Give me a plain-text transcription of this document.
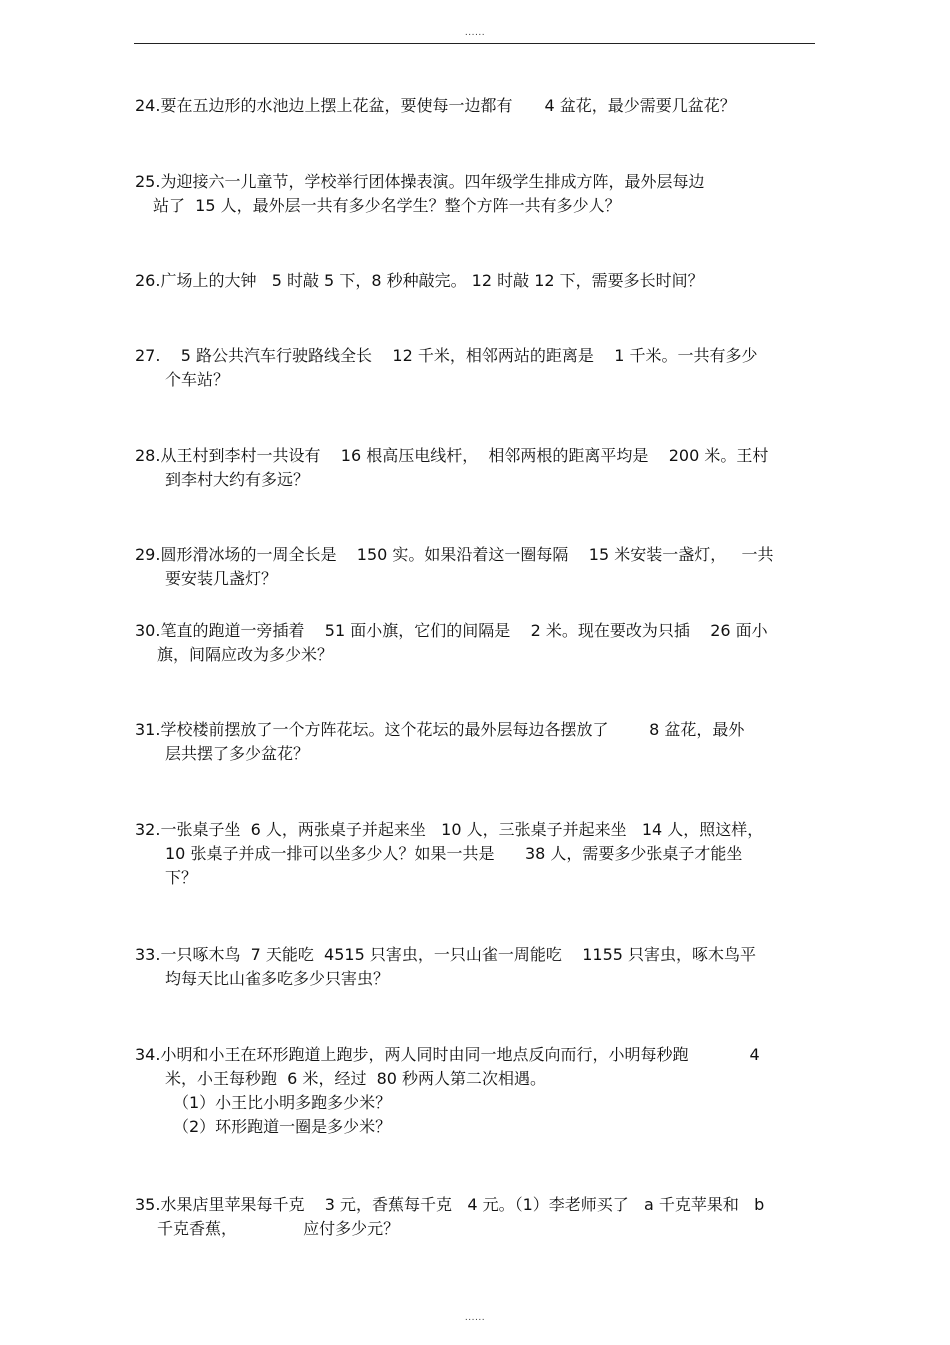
......
24.要在五边形的水池边上摆上花盆，要使每一边都有　　4 盆花，最少需要几盆花？
25.为迎接六一儿童节，学校举行团体操表演。四年级学生排成方阵，最外层每边
站了  15 人，最外层一共有多少名学生？整个方阵一共有多少人？
26.广场上的大钟   5 时敲 5 下，8 秒种敲完。 12 时敲 12 下，需要多长时间？
27.    5 路公共汽车行驶路线全长    12 千米，相邻两站的距离是    1 千米。一共有多少
个车站？
28.从王村到李村一共设有    16 根高压电线杆，  相邻两根的距离平均是    200 米。王村
到李村大约有多远？
29.圆形滑冰场的一周全长是    150 实。如果沿着这一圈每隔    15 米安装一盏灯，   一共
要安装几盏灯？
30.笔直的跑道一旁插着    51 面小旗，它们的间隔是    2 米。现在要改为只插    26 面小
旗，间隔应改为多少米？
31.学校楼前摆放了一个方阵花坛。这个花坛的最外层每边各摆放了        8 盆花，最外
层共摆了多少盆花？
32.一张桌子坐  6 人，两张桌子并起来坐   10 人，三张桌子并起来坐   14 人，照这样，
10 张桌子并成一排可以坐多少人？如果一共是      38 人，需要多少张桌子才能坐
下？
33.一只啄木鸟  7 天能吃  4515 只害虫，一只山雀一周能吃    1155 只害虫，啄木鸟平
均每天比山雀多吃多少只害虫？
34.小明和小王在环形跑道上跑步，两人同时由同一地点反向而行，小明每秒跑            4
米，小王每秒跑  6 米，经过  80 秒两人第二次相遇。
（1）小王比小明多跑多少米？
（2）环形跑道一圈是多少米？
35.水果店里苹果每千克    3 元，香蕉每千克   4 元。（1）李老师买了   a 千克苹果和   b
千克香蕉，             应付多少元？
......
